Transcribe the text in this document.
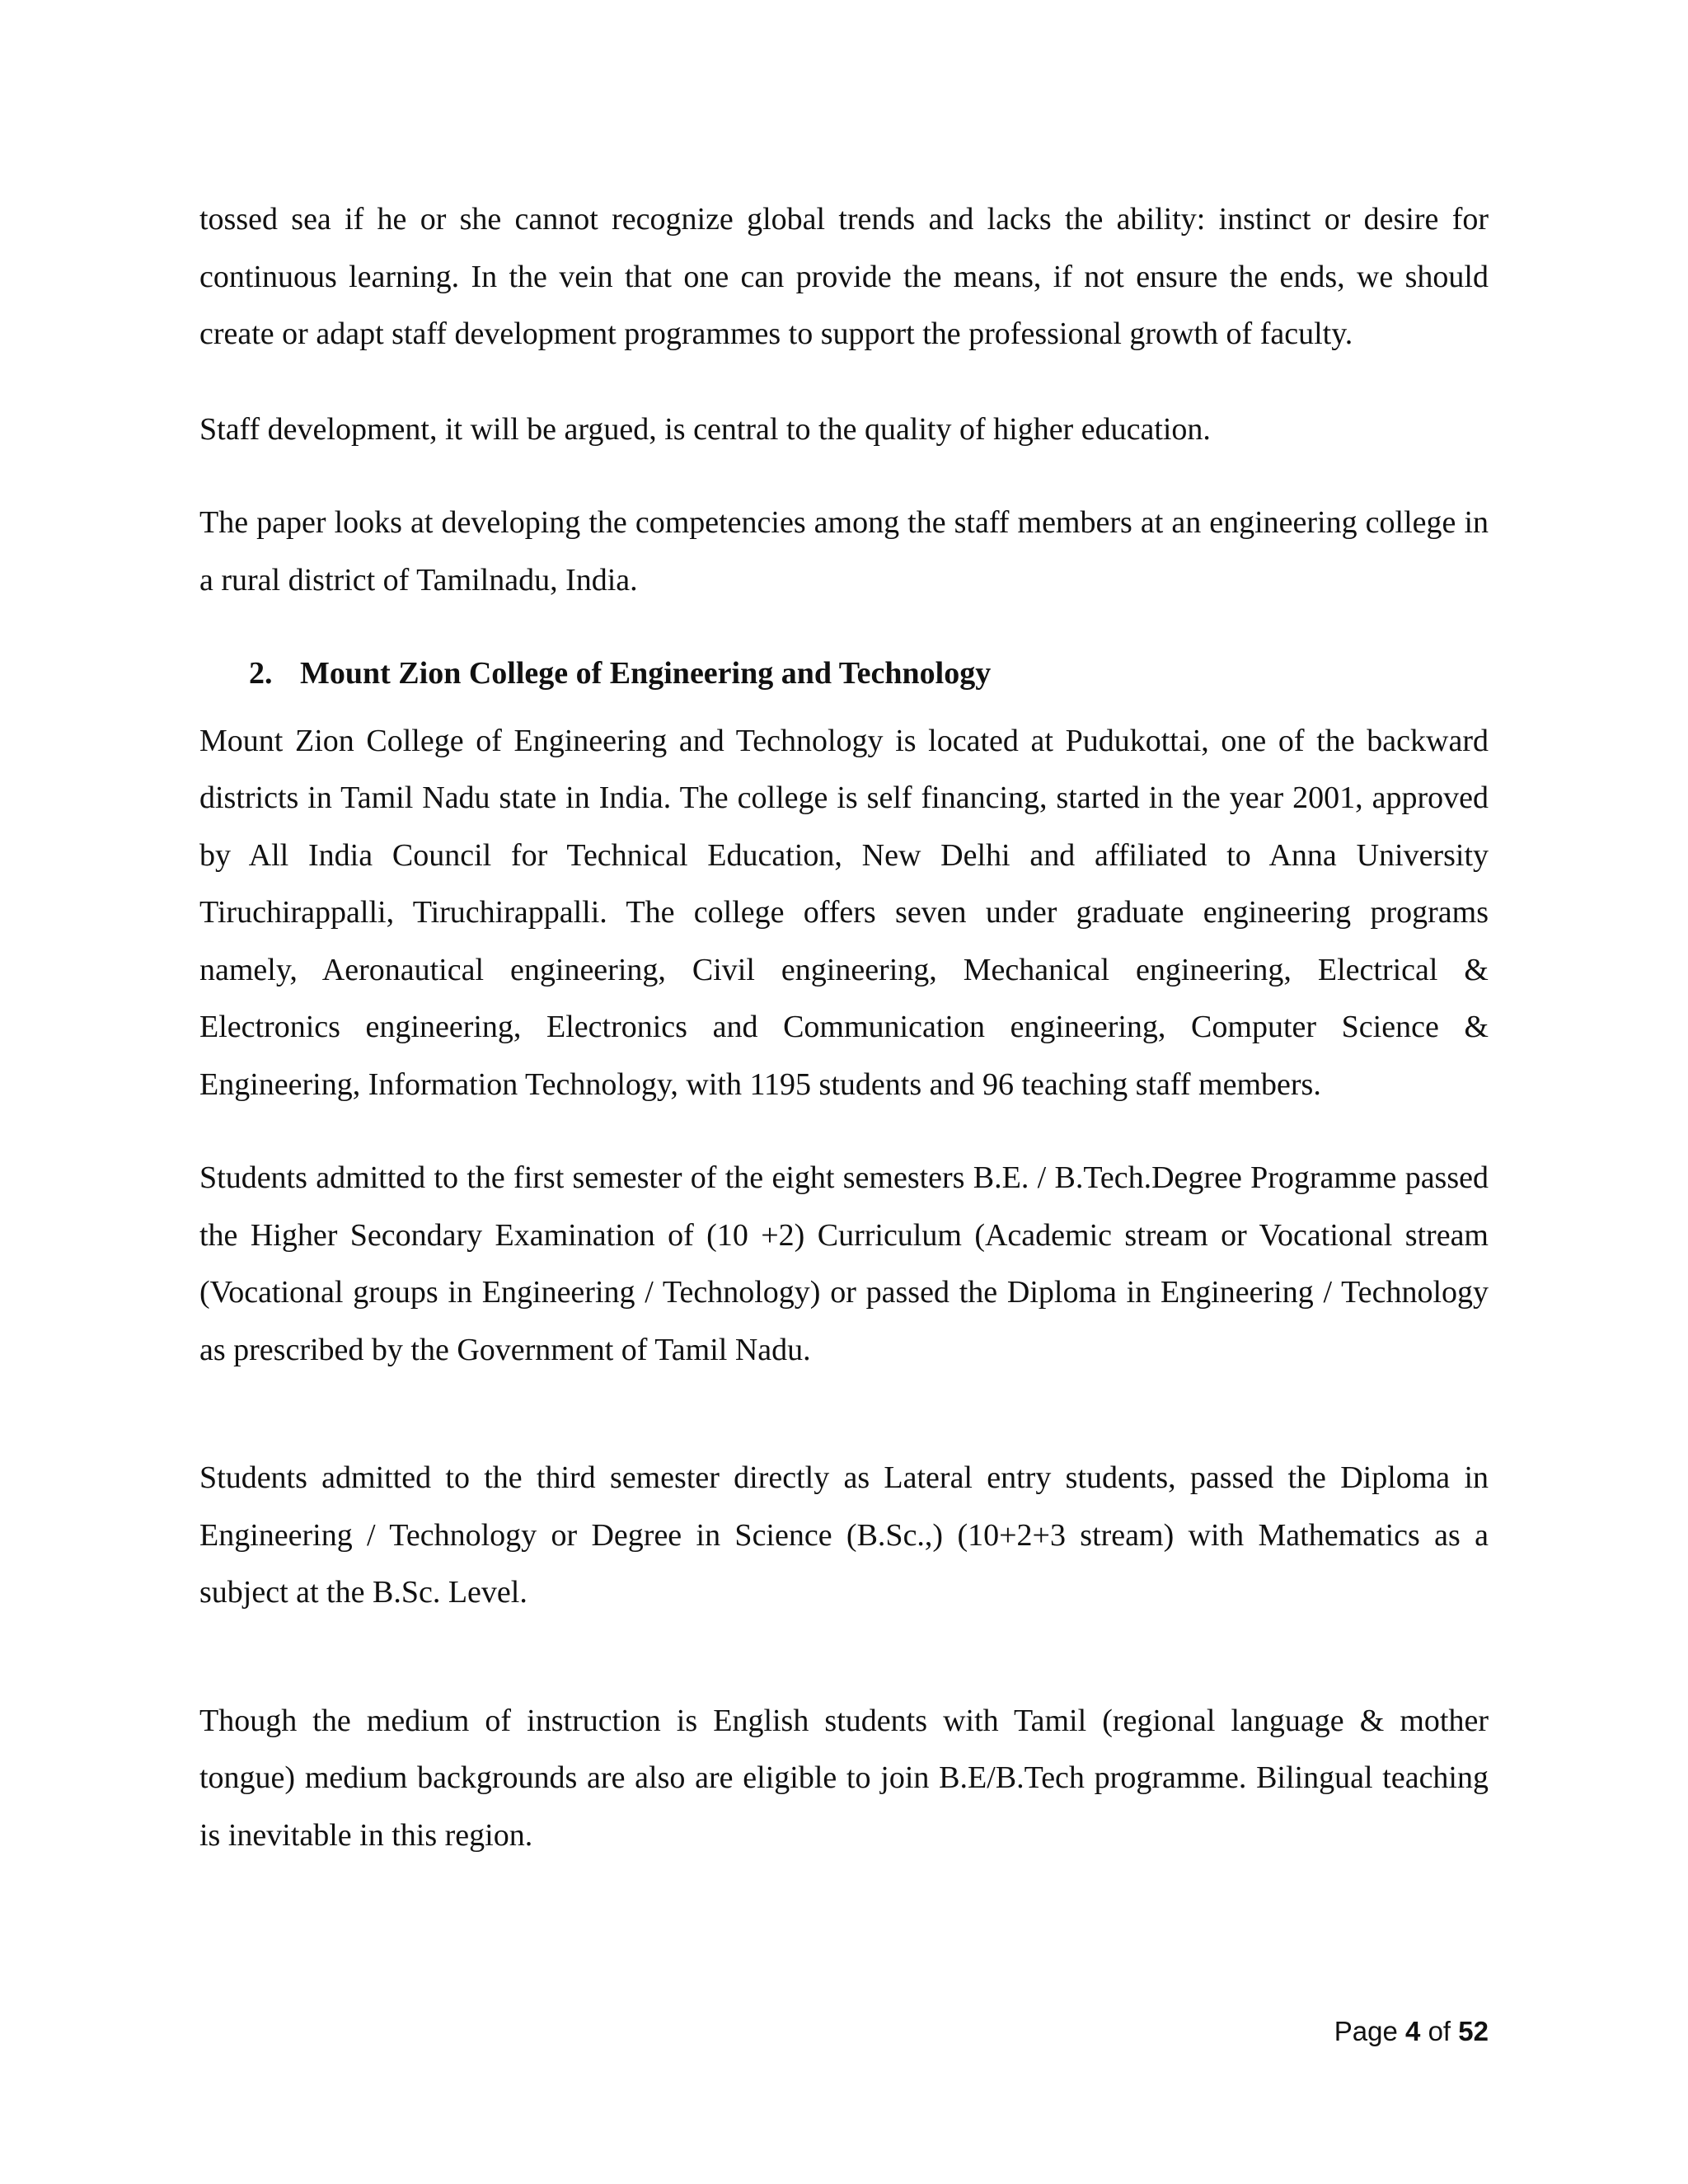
tossed sea if he or she cannot recognize global trends and lacks the ability: instinct or desire for continuous learning. In the vein that one can provide the means, if not ensure the ends, we should create or adapt staff development programmes to support the professional growth of faculty.

Staff development, it will be argued, is central to the quality of higher education.

The paper looks at developing the competencies among the staff members at an engineering college in a rural district of Tamilnadu, India.

2. Mount Zion College of Engineering and Technology

Mount Zion College of Engineering and Technology is located at Pudukottai, one of the backward districts in Tamil Nadu state in India. The college is self financing, started in the year 2001, approved by All India Council for Technical Education, New Delhi and affiliated to Anna University Tiruchirappalli, Tiruchirappalli. The college offers seven under graduate engineering programs namely, Aeronautical engineering, Civil engineering, Mechanical engineering, Electrical & Electronics engineering, Electronics and Communication engineering, Computer Science & Engineering, Information Technology, with 1195 students and 96 teaching staff members.

Students admitted to the first semester of the eight semesters B.E. / B.Tech.Degree Programme passed the Higher Secondary Examination of (10 +2) Curriculum (Academic stream or Vocational stream (Vocational groups in Engineering / Technology) or passed the Diploma in Engineering / Technology as prescribed by the Government of Tamil Nadu.

Students admitted to the third semester directly as Lateral entry students, passed the Diploma in Engineering / Technology or Degree in Science (B.Sc.,) (10+2+3 stream) with Mathematics as a subject at the B.Sc. Level.

Though the medium of instruction is English students with Tamil (regional language & mother tongue) medium backgrounds are also are eligible to join B.E/B.Tech programme. Bilingual teaching is inevitable in this region.

Page 4 of 52
